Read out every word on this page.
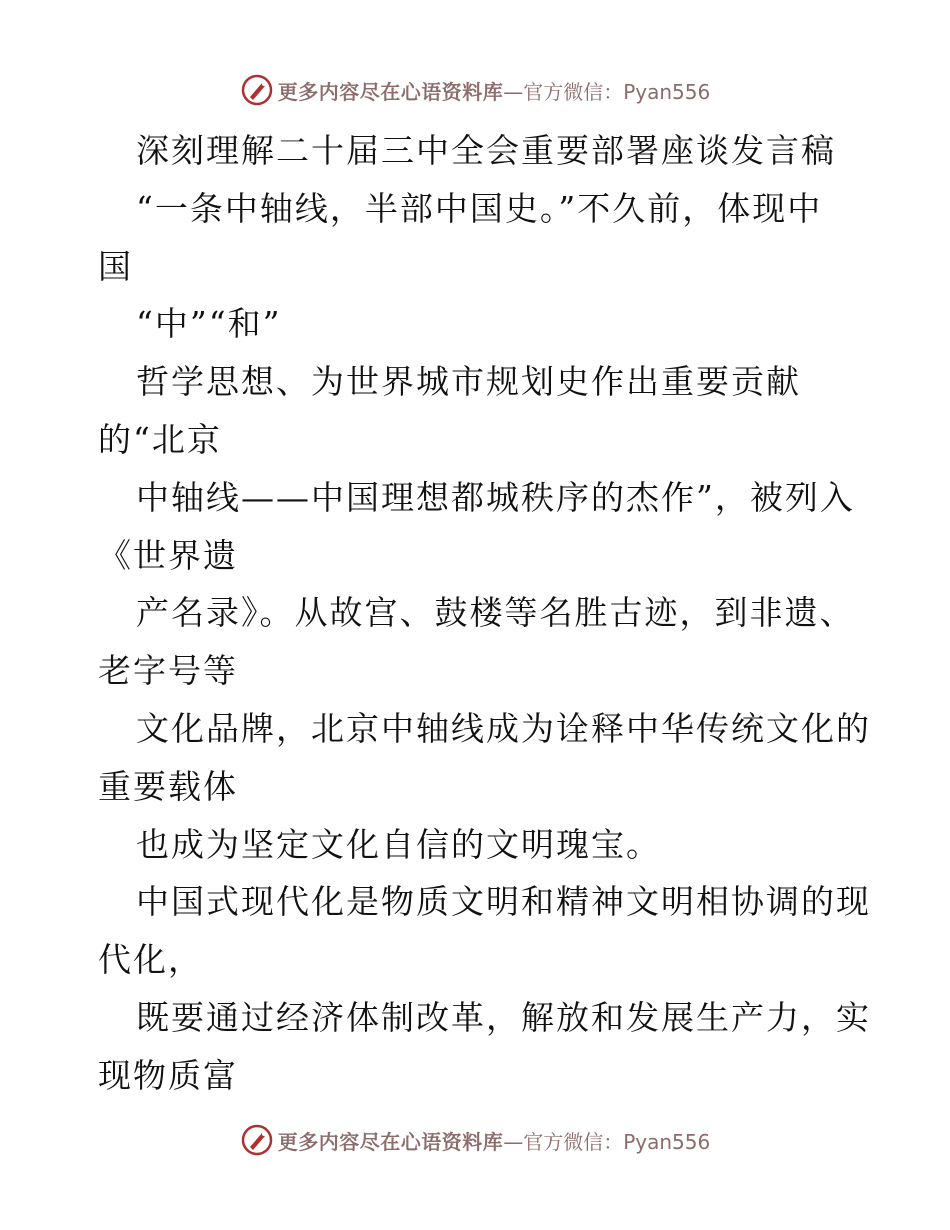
更多内容尽在心语资料库 —官方微信：Pyan556
深刻理解二十届三中全会重要部署座谈发言稿
“一条中轴线，半部中国史。”不久前，体现中
国
“中”“和”
哲学思想、为世界城市规划史作出重要贡献
的“北京
中轴线——中国理想都城秩序的杰作”，被列入
《世界遗
产名录》。从故宫、鼓楼等名胜古迹，到非遗、
老字号等
文化品牌，北京中轴线成为诠释中华传统文化的
重要载体
也成为坚定文化自信的文明瑰宝。
中国式现代化是物质文明和精神文明相协调的现
代化，
既要通过经济体制改革，解放和发展生产力，实
现物质富
更多内容尽在心语资料库 —官方微信：Pyan556
